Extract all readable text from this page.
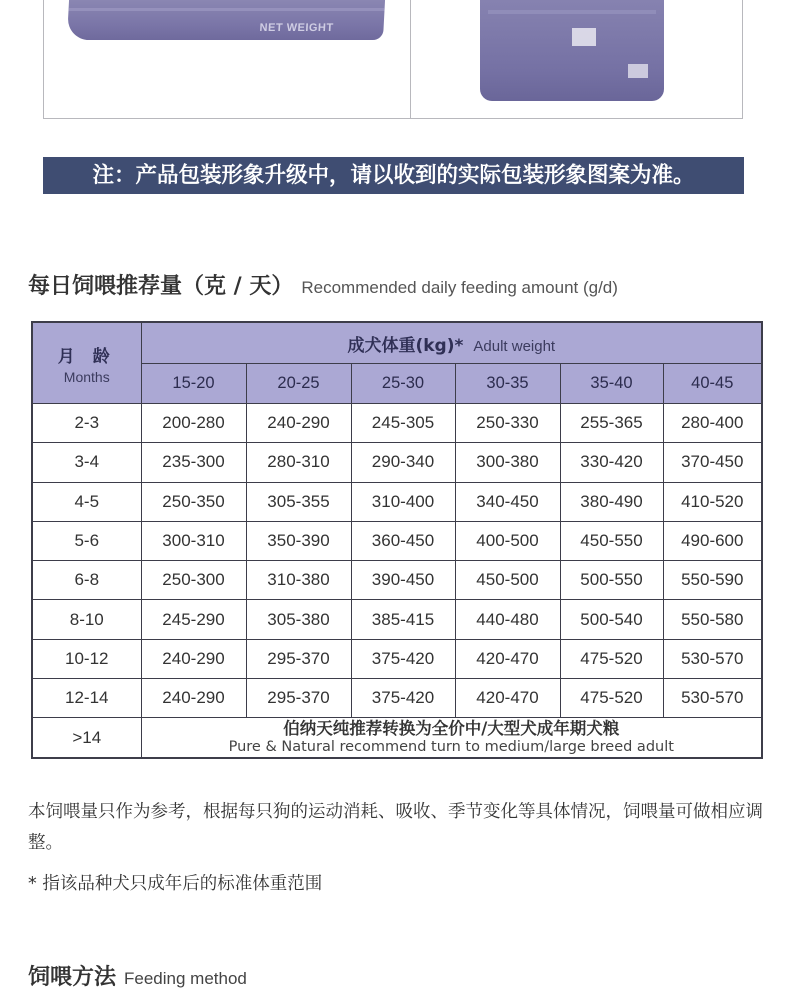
NET WEIGHT
注：产品包装形象升级中，请以收到的实际包装形象图案为准。
每日饲喂推荐量（克 / 天） Recommended daily feeding amount (g/d)
月 龄
Months	成犬体重(kg)* Adult weight					
	15-20	20-25	25-30	30-35	35-40	40-45
2-3	200-280	240-290	245-305	250-330	255-365	280-400
3-4	235-300	280-310	290-340	300-380	330-420	370-450
4-5	250-350	305-355	310-400	340-450	380-490	410-520
5-6	300-310	350-390	360-450	400-500	450-550	490-600
6-8	250-300	310-380	390-450	450-500	500-550	550-590
8-10	245-290	305-380	385-415	440-480	500-540	550-580
10-12	240-290	295-370	375-420	420-470	475-520	530-570
12-14	240-290	295-370	375-420	420-470	475-520	530-570
>14	伯纳天纯推荐转换为全价中/大型犬成年期犬粮
Pure & Natural recommend turn to medium/large breed adult					
本饲喂量只作为参考，根据每只狗的运动消耗、吸收、季节变化等具体情况，饲喂量可做相应调整。
* 指该品种犬只成年后的标准体重范围
饲喂方法 Feeding method
